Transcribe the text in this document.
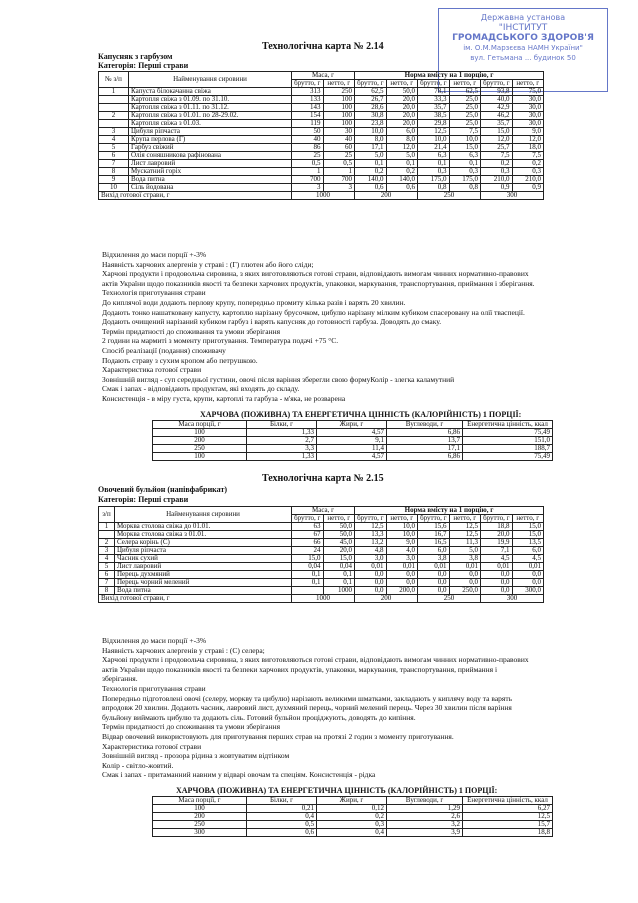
Державна установа
"ІНСТИТУТ
ГРОМАДСЬКОГО ЗДОРОВ'Я
ім. О.М.Марзєєва НАМН України"
вул. Гетьмана ... будинок 50
Технологічна карта № 2.14
Капусняк з гарбузом
Категорія: Перші страви
№ з/п	Найменування сировини	Маса, г		Норма вмісту на 1 порцію, г					
		брутто, г	нетто, г	брутто, г	нетто, г	брутто, г	нетто, г	брутто, г	нетто, г
1	Капуста білокачанна свіжа	313	250	62,5	50,0	78,1	62,5	93,8	75,0
	Картопля свіжа з 01.09. по 31.10.	133	100	26,7	20,0	33,3	25,0	40,0	30,0
	Картопля свіжа з 01.11. по 31.12.	143	100	28,6	20,0	35,7	25,0	42,9	30,0
2	Картопля свіжа з 01.01. по 28-29.02.	154	100	30,8	20,0	38,5	25,0	46,2	30,0
	Картопля свіжа з 01.03.	119	100	23,8	20,0	29,8	25,0	35,7	30,0
3	Цибуля ріпчаста	50	30	10,0	6,0	12,5	7,5	15,0	9,0
4	Крупа перлова (Г)	40	40	8,0	8,0	10,0	10,0	12,0	12,0
5	Гарбуз свіжий	86	60	17,1	12,0	21,4	15,0	25,7	18,0
6	Олія соняшникова рафінована	25	25	5,0	5,0	6,3	6,3	7,5	7,5
7	Лист лавровий	0,5	0,5	0,1	0,1	0,1	0,1	0,2	0,2
8	Мускатний горіх	1	1	0,2	0,2	0,3	0,3	0,3	0,3
9	Вода питна	700	700	140,0	140,0	175,0	175,0	210,0	210,0
10	Сіль йодована	3	3	0,6	0,6	0,8	0,8	0,9	0,9
Вихід готової страви, г		1000		200		250		300	
Відхилення до маси порції +-3%
Наявність харчових алергенів у страві : (Г) глютен або його сліди;
Харчові продукти і продовольча сировина, з яких виготовляються готові страви, відповідають вимогам чинних нормативно-правових
актів України щодо показників якості та безпеки харчових продуктів, упаковки, маркування, транспортування, приймання і зберігання.
Технологія приготування страви
До киплячої води додають перлову крупу, попередньо промиту кілька разів і варять 20 хвилин.
Додають тонко нашатковану капусту, картоплю нарізану брусочком, цибулю нарізану мілким кубиком спасерованy на олії тваспеції.
Додають очищений нарізаний кубиком гарбуз і варять капусняк до готовності гарбуза. Доводять до смаку.
Термін придатності до споживання та умови зберігання
2 години на мармиті з моменту приготування. Температура подачі +75 °С.
Спосіб реалізації (подання) споживачу
Подають страву з сухим кропом або петрушкою.
Характеристика готової страви
Зовнішній вигляд - суп середньої густини, овочі після варіння зберегли свою формуКолір - злегка каламутний
Смак і запах - відповідають продуктам, які входять до складу.
Консистенція - в міру густа, крупи, картоплі та гарбуза - м'яка, не розварена
ХАРЧОВА (ПОЖИВНА) ТА ЕНЕРГЕТИЧНА ЦІННІСТЬ (КАЛОРІЙНІСТЬ) 1 ПОРЦІЇ:
Маса порції, г	Білки, г	Жири, г	Вуглеводи, г	Енергетична цінність, ккал
100	1,33	4,57	6,86	75,49
200	2,7	9,1	13,7	151,0
250	3,3	11,4	17,1	188,7
100	1,33	4,57	6,86	75,49
Технологічна карта № 2.15
Овочевий бульйон (напівфабрикат)
Категорія: Перші страви
з/п	Найменування сировини	Маса, г		Норма вмісту на 1 порцію, г					
		брутто, г	нетто, г	брутто, г	нетто, г	брутто, г	нетто, г	брутто, г	нетто, г
1	Морква столова свіжа до 01.01.	63	50,0	12,5	10,0	15,6	12,5	18,8	15,0
	Морква столова свіжа з 01.01.	67	50,0	13,3	10,0	16,7	12,5	20,0	15,0
2	Селера корінь (С)	66	45,0	13,2	9,0	16,5	11,3	19,9	13,5
3	Цибуля ріпчаста	24	20,0	4,8	4,0	6,0	5,0	7,1	6,0
4	Часник сухий	15,0	15,0	3,0	3,0	3,8	3,8	4,5	4,5
5	Лист лавровий	0,04	0,04	0,01	0,01	0,01	0,01	0,01	0,01
6	Перець духмяний	0,1	0,1	0,0	0,0	0,0	0,0	0,0	0,0
7	Перець чорний мелений	0,1	0,1	0,0	0,0	0,0	0,0	0,0	0,0
8	Вода питна		1000	0,0	200,0	0,0	250,0	0,0	300,0
Вихід готової страви, г		1000		200		250		300	
Відхилення до маси порції +-3%
Наявність харчових алергенів у страві : (С) селера;
Харчові продукти і продовольча сировина, з яких виготовляються готові страви, відповідають вимогам чинних нормативно-правових
актів України щодо показників якості та безпеки харчових продуктів, упаковки, маркування, транспортування, приймання і
зберігання.
Технологія приготування страви
Попередньо підготовлені овочі (селеру, моркву та цибулю) нарізають великими шматками, закладають у киплячу воду та варять
впродовж 20 хвилин. Додають часник, лавровий лист, духмяний перець, чорний мелений перець. Через 30 хвилин після варіння
бульйону виймають цибулю та додають сіль. Готовий бульйон проціджують, доводять до кипіння.
Термін придатності до споживання та умови зберігання
Відвар овочевий використовують для приготування перших страв на протязі 2 годин з моменту приготування.
Характеристика готової страви
Зовнішній вигляд - прозора рідина з жовтуватим відтінком
Колір - світло-жовтий.
Смак і запах - притаманний навним у відварі овочам та спеціям. Консистенція - рідка
ХАРЧОВА (ПОЖИВНА) ТА ЕНЕРГЕТИЧНА ЦІННІСТЬ (КАЛОРІЙНІСТЬ) 1 ПОРЦІЇ:
Маса порції, г	Білки, г	Жири, г	Вуглеводи, г	Енергетична цінність, ккал
100	0,21	0,12	1,29	6,27
200	0,4	0,2	2,6	12,5
250	0,5	0,3	3,2	15,7
300	0,6	0,4	3,9	18,8
